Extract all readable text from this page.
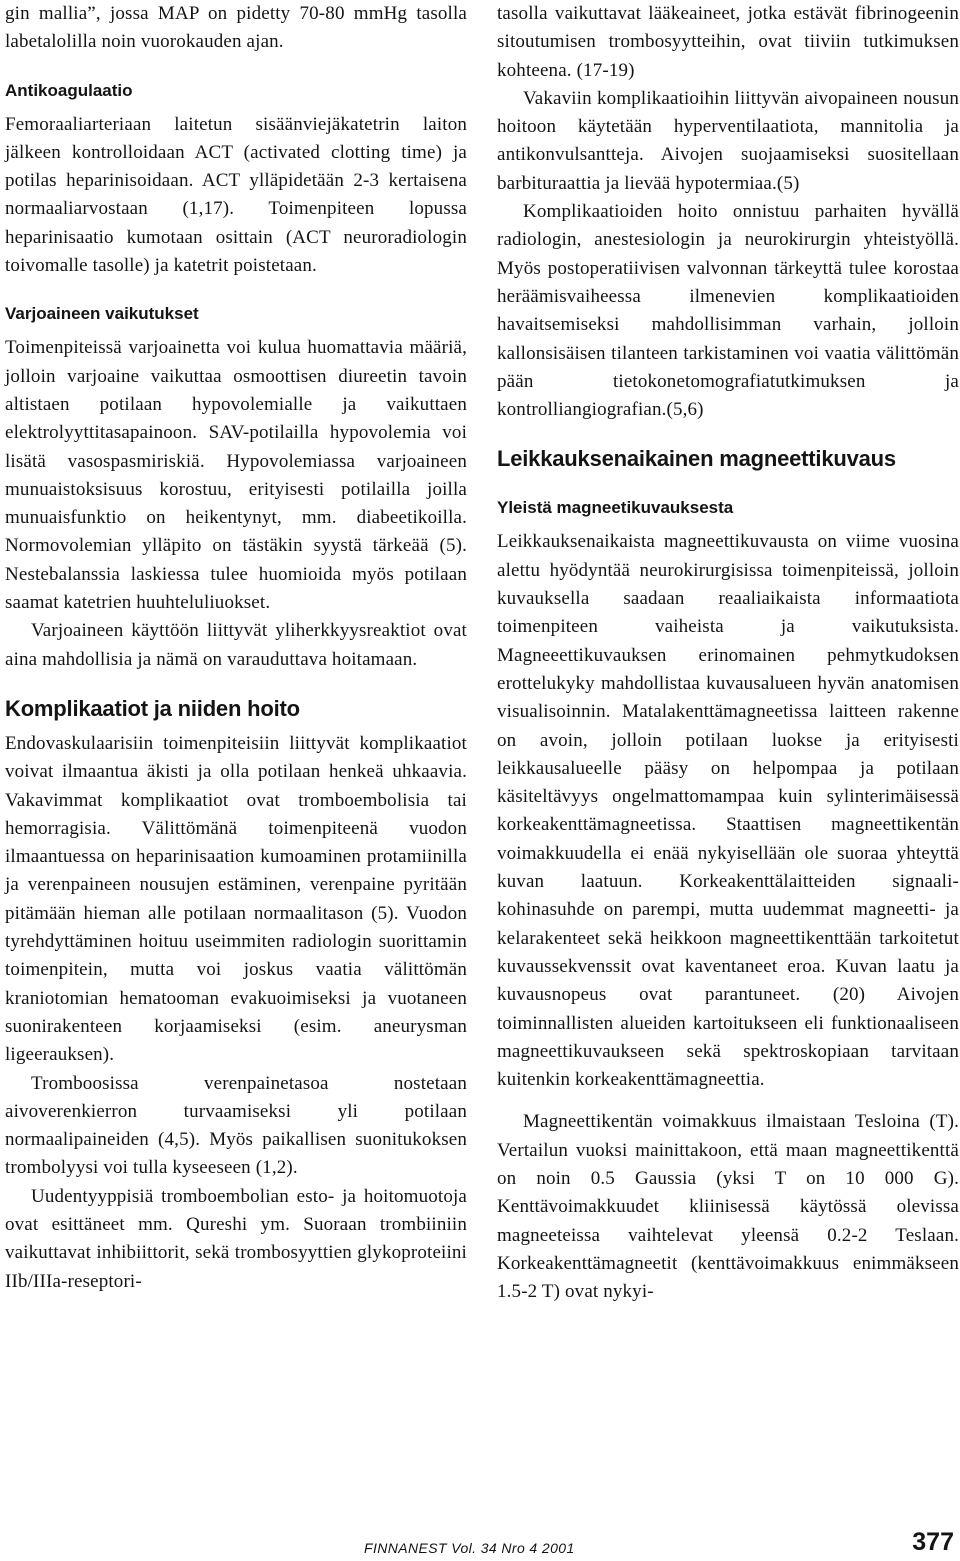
gin mallia”, jossa MAP on pidetty 70-80 mmHg tasolla labetalolilla noin vuorokauden ajan.

Antikoagulaatio

Femoraaliarteriaan laitetun sisäänviejäkatetrin laiton jälkeen kontrolloidaan ACT (activated clotting time) ja potilas heparinisoidaan. ACT ylläpidetään 2-3 kertaisena normaaliarvostaan (1,17). Toimenpiteen lopussa heparinisaatio kumotaan osittain (ACT neuroradiologin toivomalle tasolle) ja katetrit poistetaan.

Varjoaineen vaikutukset

Toimenpiteissä varjoainetta voi kulua huomattavia määriä, jolloin varjoaine vaikuttaa osmoottisen diureetin tavoin altistaen potilaan hypovolemialle ja vaikuttaen elektrolyyttitasapainoon. SAV-potilailla hypovolemia voi lisätä vasospasmiriskiä. Hypovolemiassa varjoaineen munuaistoksisuus korostuu, erityisesti potilailla joilla munuaisfunktio on heikentynyt, mm. diabeetikoilla. Normovolemian ylläpito on tästäkin syystä tärkeää (5). Nestebalanssia laskiessa tulee huomioida myös potilaan saamat katetrien huuhteluliuokset.

Varjoaineen käyttöön liittyvät yliherkkyysreaktiot ovat aina mahdollisia ja nämä on varauduttava hoitamaan.

Komplikaatiot ja niiden hoito

Endovaskulaarisiin toimenpiteisiin liittyvät komplikaatiot voivat ilmaantua äkisti ja olla potilaan henkeä uhkaavia. Vakavimmat komplikaatiot ovat tromboembolisia tai hemorragisia. Välittömänä toimenpiteenä vuodon ilmaantuessa on heparinisaation kumoaminen protamiinilla ja verenpaineen nousujen estäminen, verenpaine pyritään pitämään hieman alle potilaan normaalitason (5). Vuodon tyrehdyttäminen hoituu useimmiten radiologin suorittamin toimenpitein, mutta voi joskus vaatia välittömän kraniotomian hematooman evakuoimiseksi ja vuotaneen suonirakenteen korjaamiseksi (esim. aneurysman ligeerauksen).

Tromboosissa verenpainetasoa nostetaan aivoverenkierron turvaamiseksi yli potilaan normaalipaineiden (4,5). Myös paikallisen suonitukoksen trombolyysi voi tulla kyseeseen (1,2).

Uudentyyppisiä tromboembolian esto- ja hoitomuotoja ovat esittäneet mm. Qureshi ym. Suoraan trombiiniin vaikuttavat inhibiittorit, sekä trombosyyttien glykoproteiini IIb/IIIa-reseptori-

tasolla vaikuttavat lääkeaineet, jotka estävät fibrinogeenin sitoutumisen trombosyytteihin, ovat tiiviin tutkimuksen kohteena. (17-19)

Vakaviin komplikaatioihin liittyvän aivopaineen nousun hoitoon käytetään hyperventilaatiota, mannitolia ja antikonvulsantteja. Aivojen suojaamiseksi suositellaan barbituraattia ja lievää hypotermiaa.(5)

Komplikaatioiden hoito onnistuu parhaiten hyvällä radiologin, anestesiologin ja neurokirurgin yhteistyöllä. Myös postoperatiivisen valvonnan tärkeyttä tulee korostaa heräämisvaiheessa ilmenevien komplikaatioiden havaitsemiseksi mahdollisimman varhain, jolloin kallonsisäisen tilanteen tarkistaminen voi vaatia välittömän pään tietokonetomografiatutkimuksen ja kontrolliangiografian.(5,6)

Leikkauksenaikainen magneettikuvaus
Yleistä magneetikuvauksesta

Leikkauksenaikaista magneettikuvausta on viime vuosina alettu hyödyntää neurokirurgisissa toimenpiteissä, jolloin kuvauksella saadaan reaaliaikaista informaatiota toimenpiteen vaiheista ja vaikutuksista. Magneeettikuvauksen erinomainen pehmytkudoksen erottelukyky mahdollistaa kuvausalueen hyvän anatomisen visualisoinnin. Matalakenttämagneetissa laitteen rakenne on avoin, jolloin potilaan luokse ja erityisesti leikkausalueelle pääsy on helpompaa ja potilaan käsiteltävyys ongelmattomampaa kuin sylinterimäisessä korkeakenttämagneetissa. Staattisen magneettikentän voimakkuudella ei enää nykyisellään ole suoraa yhteyttä kuvan laatuun. Korkeakenttälaitteiden signaali-kohinasuhde on parempi, mutta uudemmat magneetti- ja kelarakenteet sekä heikkoon magneettikenttään tarkoitetut kuvaussekvenssit ovat kaventaneet eroa. Kuvan laatu ja kuvausnopeus ovat parantuneet. (20) Aivojen toiminnallisten alueiden kartoitukseen eli funktionaaliseen magneettikuvaukseen sekä spektroskopiaan tarvitaan kuitenkin korkeakenttämagneettia.

Magneettikentän voimakkuus ilmaistaan Tesloina (T). Vertailun vuoksi mainittakoon, että maan magneettikenttä on noin 0.5 Gaussia (yksi T on 10 000 G). Kenttävoimakkuudet kliinisessä käytössä olevissa magneeteissa vaihtelevat yleensä 0.2-2 Teslaan. Korkeakenttämagneetit (kenttävoimakkuus enimmäkseen 1.5-2 T) ovat nykyi-

FINNANEST Vol. 34 Nro 4 2001	377
